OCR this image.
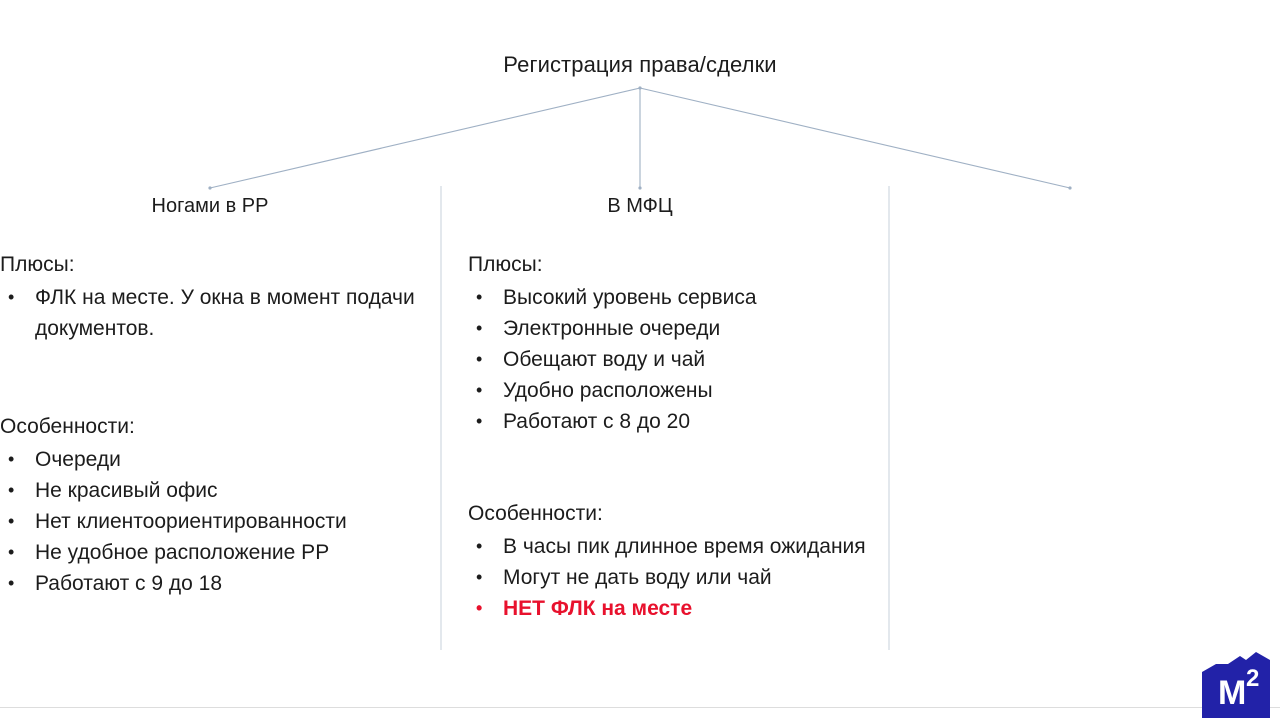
Регистрация права/сделки
Ногами в РР	В МФЦ
Плюсы:
• ФЛК на месте. У окна в момент подачи документов.
Особенности:
• Очереди
• Не красивый офис
• Нет клиентоориентированности
• Не удобное расположение РР
• Работают с 9 до 18
Плюсы:
• Высокий уровень сервиса
• Электронные очереди
• Обещают воду и чай
• Удобно расположены
• Работают с 8 до 20
Особенности:
• В часы пик длинное время ожидания
• Могут не дать воду или чай
• НЕТ ФЛК на месте
M 2
